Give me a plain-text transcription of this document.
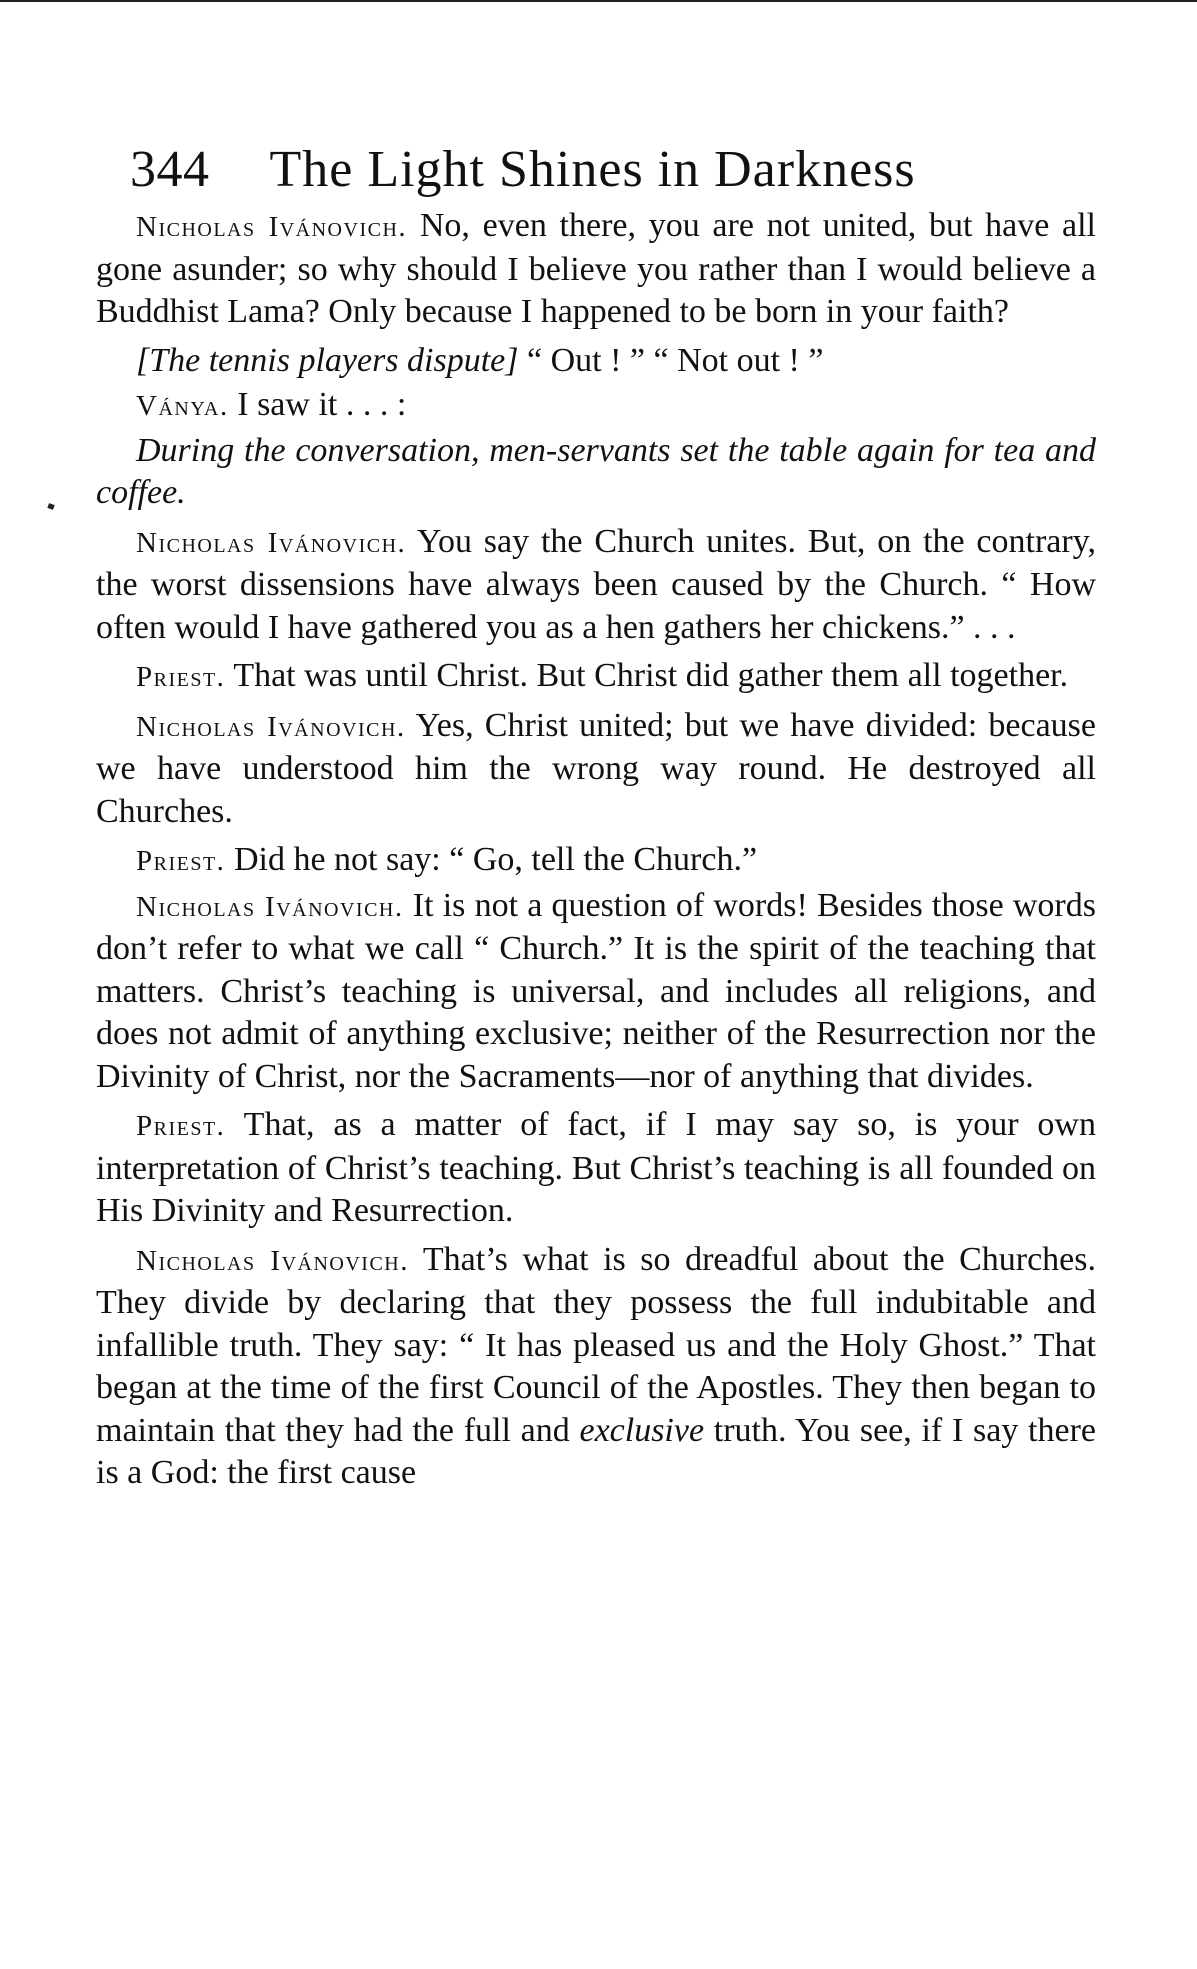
344 The Light Shines in Darkness

Nicholas Ivánovich. No, even there, you are not united, but have all gone asunder; so why should I believe you rather than I would believe a Buddhist Lama? Only because I happened to be born in your faith?

[The tennis players dispute] “ Out ! ” “ Not out ! ”

Ványa. I saw it . . . :

During the conversation, men-servants set the table again for tea and coffee.

Nicholas Ivánovich. You say the Church unites. But, on the contrary, the worst dissensions have always been caused by the Church. “ How often would I have gathered you as a hen gathers her chickens.” . . .

Priest. That was until Christ. But Christ did gather them all together.

Nicholas Ivánovich. Yes, Christ united; but we have divided: because we have understood him the wrong way round. He destroyed all Churches.

Priest. Did he not say: “ Go, tell the Church.”

Nicholas Ivánovich. It is not a question of words! Besides those words don’t refer to what we call “ Church.” It is the spirit of the teaching that matters. Christ’s teaching is universal, and includes all religions, and does not admit of anything exclusive; neither of the Resurrection nor the Divinity of Christ, nor the Sacraments—nor of anything that divides.

Priest. That, as a matter of fact, if I may say so, is your own interpretation of Christ’s teaching. But Christ’s teaching is all founded on His Divinity and Resurrection.

Nicholas Ivánovich. That’s what is so dreadful about the Churches. They divide by declaring that they possess the full indubitable and infallible truth. They say: “ It has pleased us and the Holy Ghost.” That began at the time of the first Council of the Apostles. They then began to maintain that they had the full and exclusive truth. You see, if I say there is a God: the first cause
